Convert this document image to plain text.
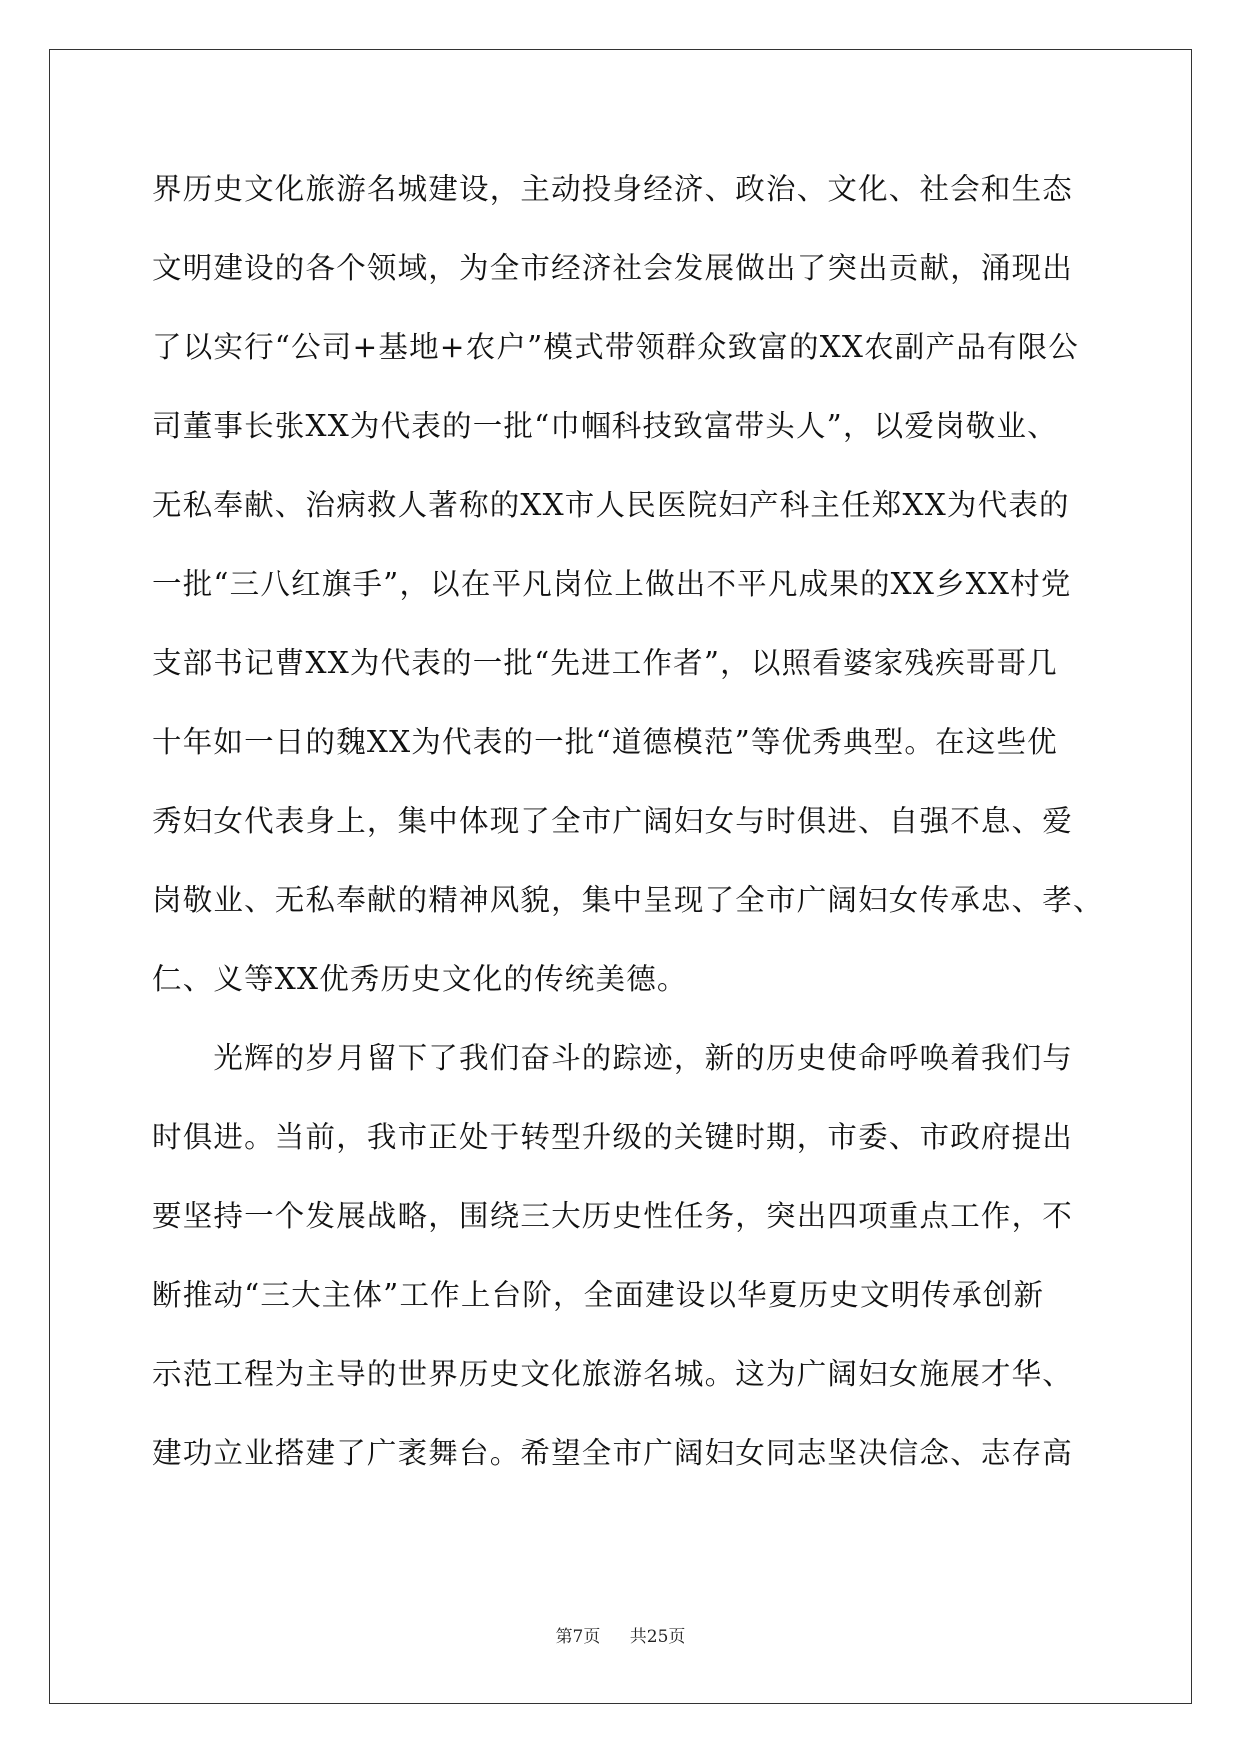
界历史文化旅游名城建设，主动投身经济、政治、文化、社会和生态
文明建设的各个领域，为全市经济社会发展做出了突出贡献，涌现出
了以实行“公司+基地+农户”模式带领群众致富的XX农副产品有限公
司董事长张XX为代表的一批“巾帼科技致富带头人”，以爱岗敬业、
无私奉献、治病救人著称的XX市人民医院妇产科主任郑XX为代表的
一批“三八红旗手”，以在平凡岗位上做出不平凡成果的XX乡XX村党
支部书记曹XX为代表的一批“先进工作者”，以照看婆家残疾哥哥几
十年如一日的魏XX为代表的一批“道德模范”等优秀典型。在这些优
秀妇女代表身上，集中体现了全市广阔妇女与时俱进、自强不息、爱
岗敬业、无私奉献的精神风貌，集中呈现了全市广阔妇女传承忠、孝、
仁、义等XX优秀历史文化的传统美德。
　　光辉的岁月留下了我们奋斗的踪迹，新的历史使命呼唤着我们与
时俱进。当前，我市正处于转型升级的关键时期，市委、市政府提出
要坚持一个发展战略，围绕三大历史性任务，突出四项重点工作，不
断推动“三大主体”工作上台阶，全面建设以华夏历史文明传承创新
示范工程为主导的世界历史文化旅游名城。这为广阔妇女施展才华、
建功立业搭建了广袤舞台。希望全市广阔妇女同志坚决信念、志存高
第7页 共25页
